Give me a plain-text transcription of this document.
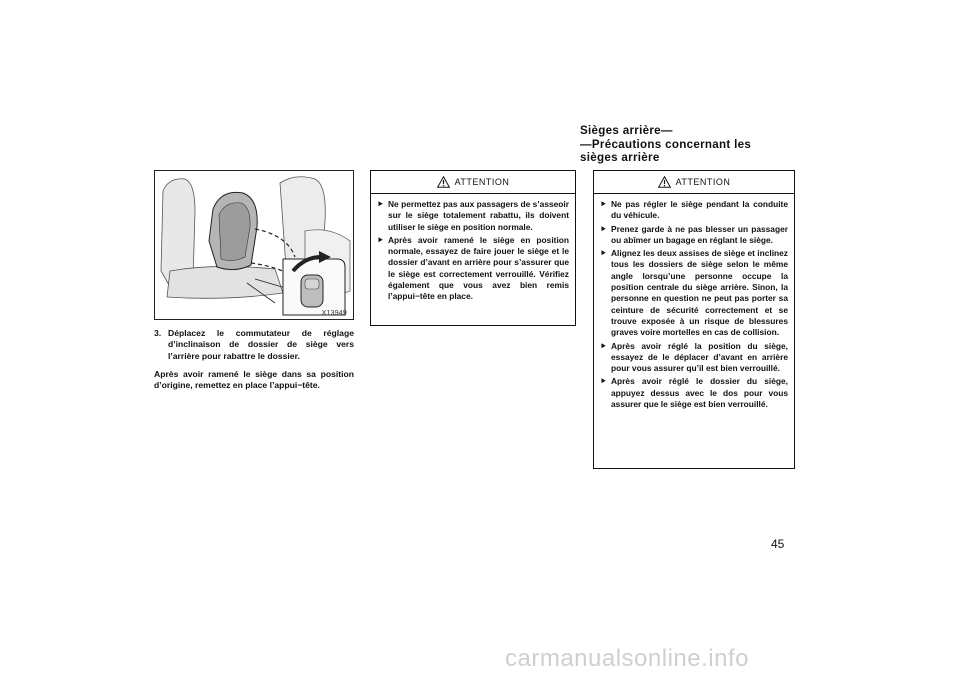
X13949
3. Déplacez le commutateur de réglage d’inclinaison de dossier de siège vers l’arrière pour rabattre le dossier.
Après avoir ramené le siège dans sa position d’origine, remettez en place l’appui−tête.
ATTENTION
⯈ Ne permettez pas aux passagers de s’asseoir sur le siège totalement rabattu, ils doivent utiliser le siège en position normale.
⯈ Après avoir ramené le siège en position normale, essayez de faire jouer le siège et le dossier d’avant en arrière pour s’assurer que le siège est correctement verrouillé. Vérifiez également que vous avez bien remis l’appui−tête en place.
Sièges arrière—
—Précautions concernant les
sièges arrière
ATTENTION
⯈ Ne pas régler le siège pendant la conduite du véhicule.
⯈ Prenez garde à ne pas blesser un passager ou abîmer un bagage en réglant le siège.
⯈ Alignez les deux assises de siège et inclinez tous les dossiers de siège selon le même angle lorsqu’une personne occupe la position centrale du siège arrière. Sinon, la personne en question ne peut pas porter sa ceinture de sécurité correctement et se trouve exposée à un risque de blessures graves voire mortelles en cas de collision.
⯈ Après avoir réglé la position du siège, essayez de le déplacer d’avant en arrière pour vous assurer qu’il est bien verrouillé.
⯈ Après avoir réglé le dossier du siège, appuyez dessus avec le dos pour vous assurer que le siège est bien verrouillé.
45
carmanualsonline.info
